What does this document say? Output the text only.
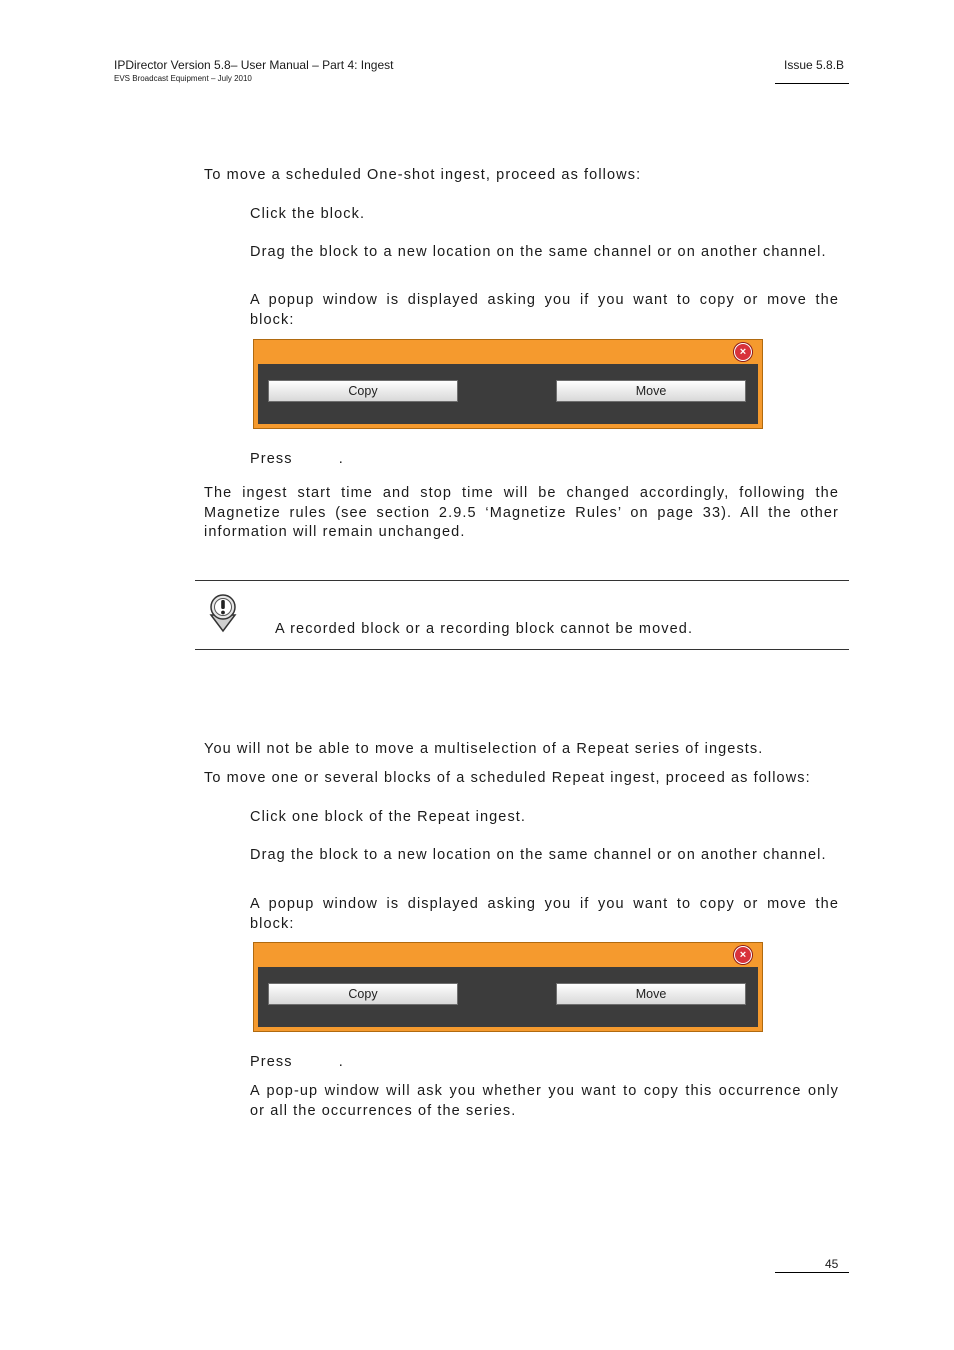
IPDirector Version 5.8– User Manual – Part 4: Ingest
EVS Broadcast Equipment – July 2010
Issue 5.8.B
To move a scheduled One-shot ingest, proceed as follows:
Click the block.
Drag the block to a new location on the same channel or on another channel.
A popup window is displayed asking you if you want to copy or move the block:
×
Copy	Move
Press         .
The ingest start time and stop time will be changed accordingly, following the Magnetize rules (see section 2.9.5 ‘Magnetize Rules’ on page 33). All the other information will remain unchanged.
A recorded block or a recording block cannot be moved.
You will not be able to move a multiselection of a Repeat series of ingests.
To move one or several blocks of a scheduled Repeat ingest, proceed as follows:
Click one block of the Repeat ingest.
Drag the block to a new location on the same channel or on another channel.
A popup window is displayed asking you if you want to copy or move the block:
×
Copy	Move
Press         .
A pop-up window will ask you whether you want to copy this occurrence only or all the occurrences of the series.
45
